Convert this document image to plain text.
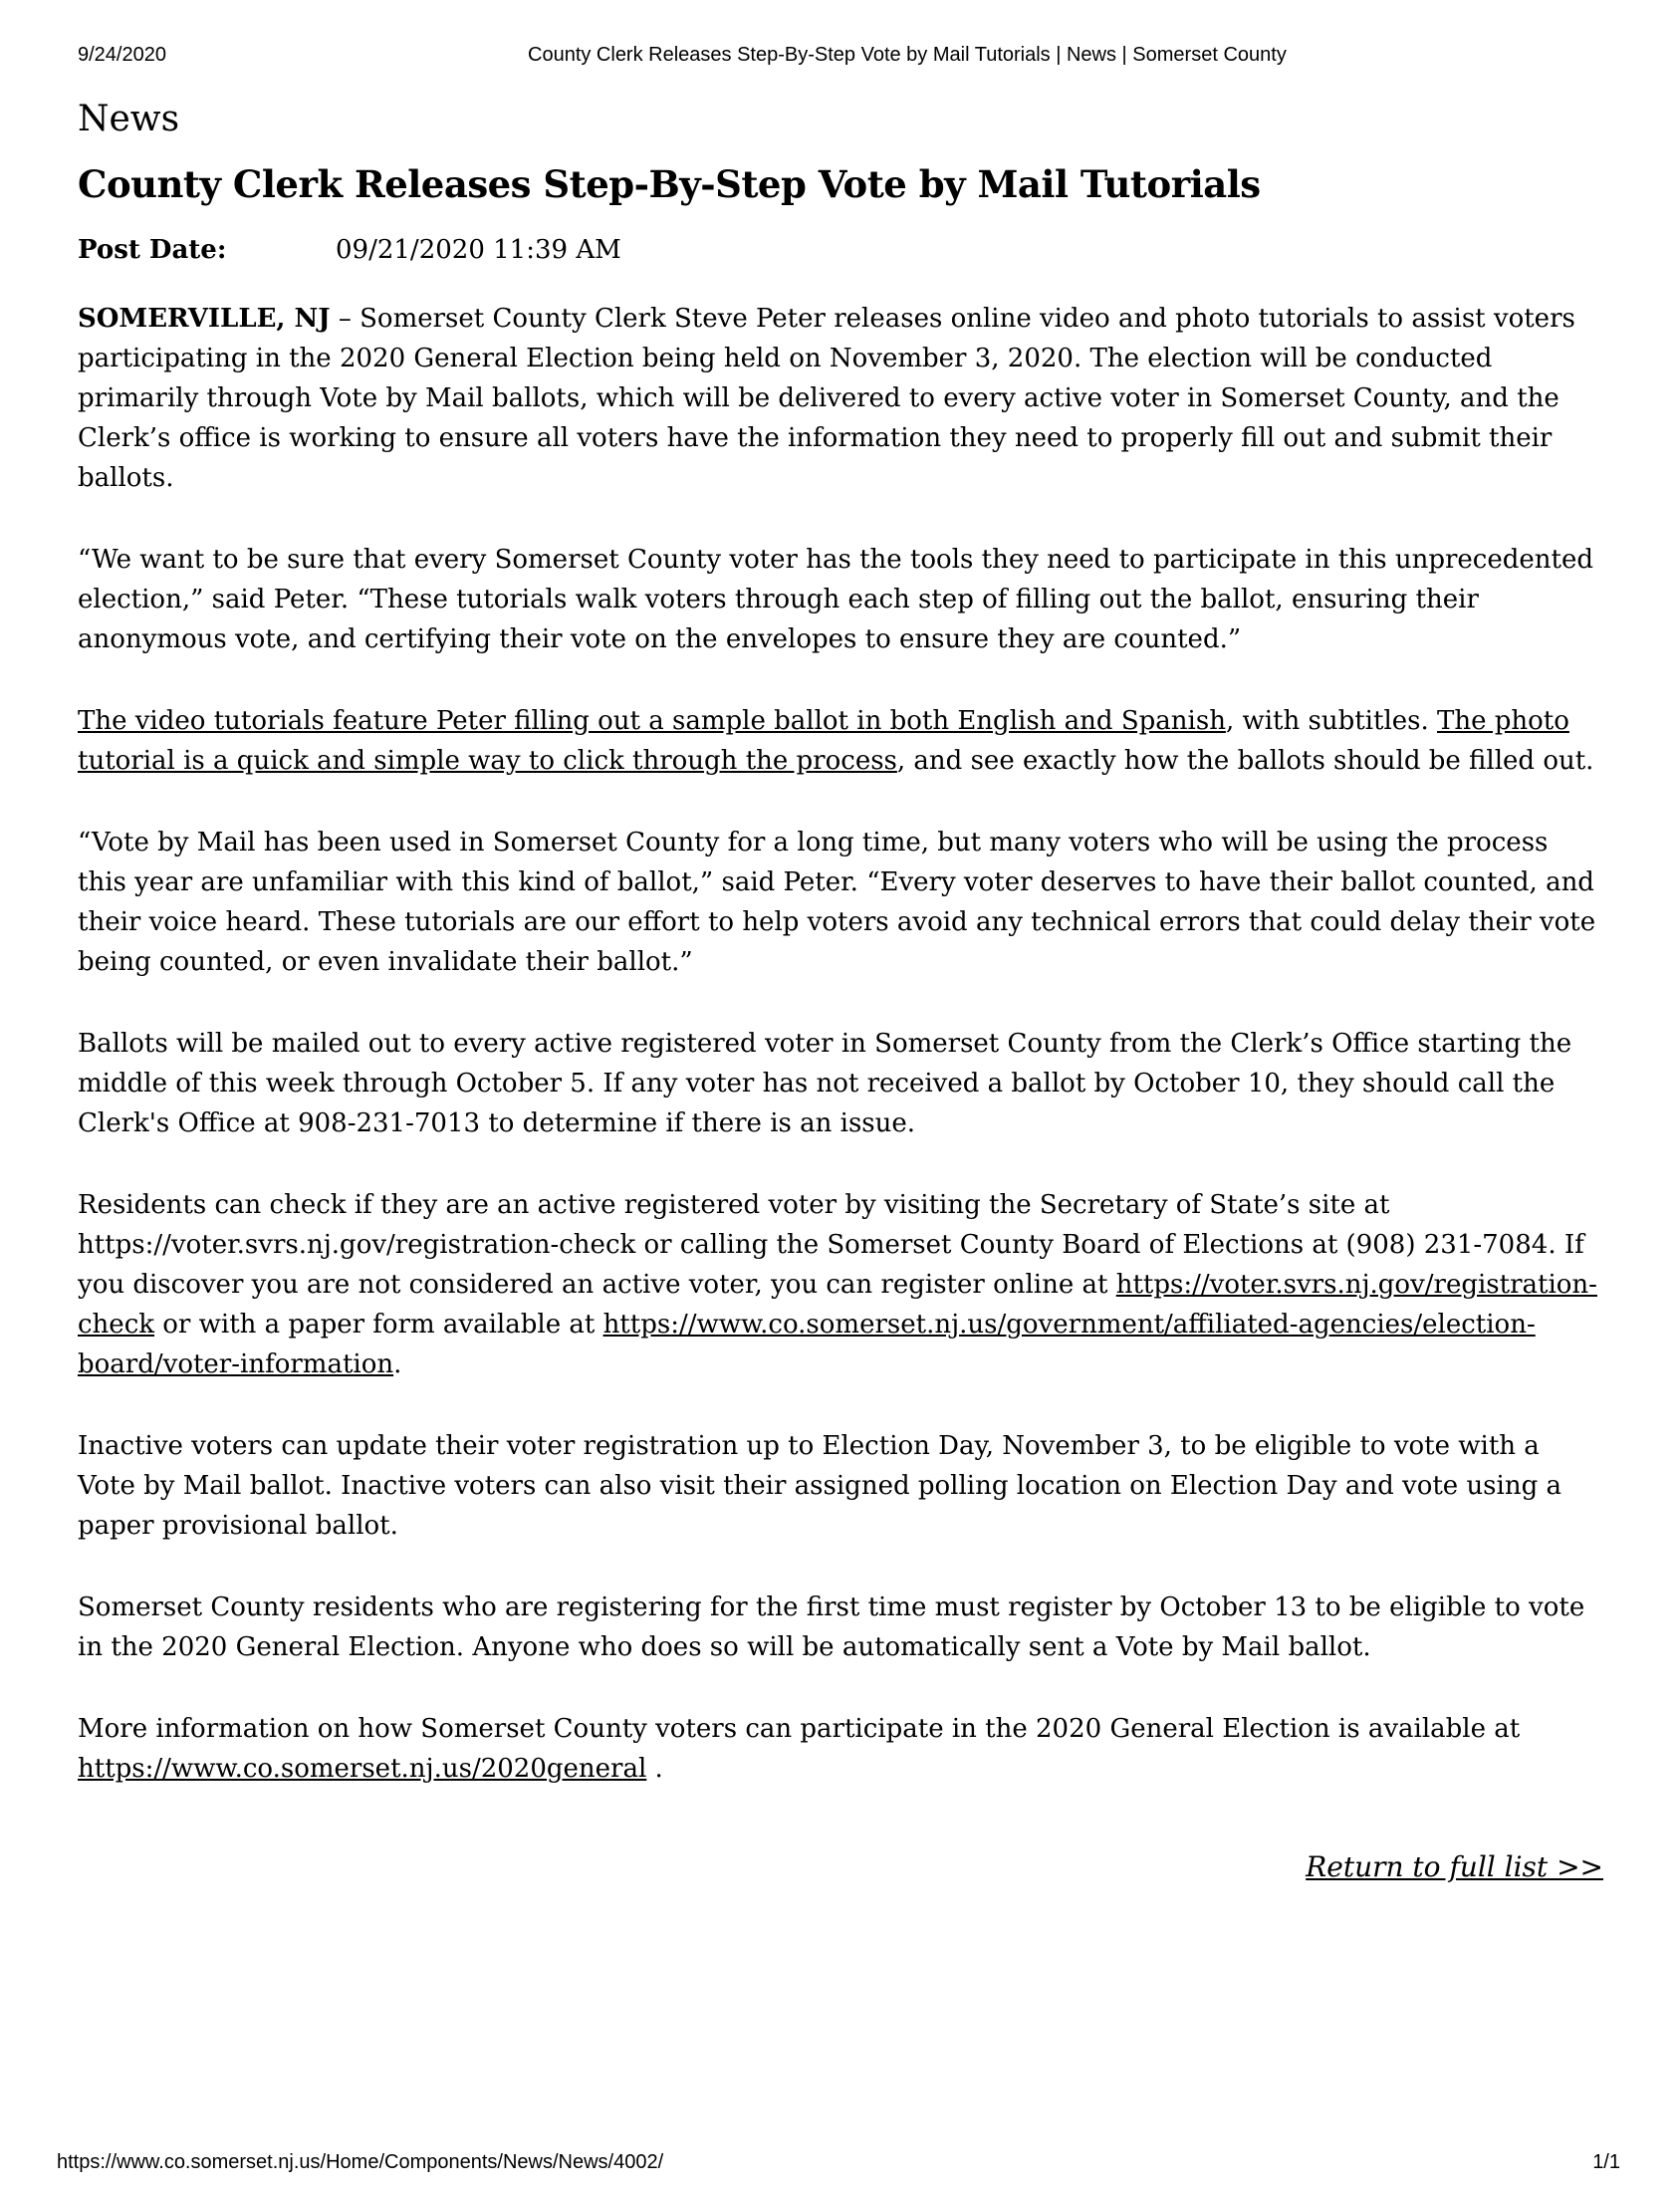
9/24/2020	County Clerk Releases Step-By-Step Vote by Mail Tutorials | News | Somerset County
News
County Clerk Releases Step-By-Step Vote by Mail Tutorials
Post Date:	09/21/2020 11:39 AM

SOMERVILLE, NJ – Somerset County Clerk Steve Peter releases online video and photo tutorials to assist voters participating in the 2020 General Election being held on November 3, 2020. The election will be conducted primarily through Vote by Mail ballots, which will be delivered to every active voter in Somerset County, and the Clerk’s office is working to ensure all voters have the information they need to properly fill out and submit their ballots.

“We want to be sure that every Somerset County voter has the tools they need to participate in this unprecedented election,” said Peter. “These tutorials walk voters through each step of filling out the ballot, ensuring their anonymous vote, and certifying their vote on the envelopes to ensure they are counted.”

The video tutorials feature Peter filling out a sample ballot in both English and Spanish, with subtitles. The photo tutorial is a quick and simple way to click through the process, and see exactly how the ballots should be filled out.

“Vote by Mail has been used in Somerset County for a long time, but many voters who will be using the process this year are unfamiliar with this kind of ballot,” said Peter. “Every voter deserves to have their ballot counted, and their voice heard. These tutorials are our effort to help voters avoid any technical errors that could delay their vote being counted, or even invalidate their ballot.”

Ballots will be mailed out to every active registered voter in Somerset County from the Clerk’s Office starting the middle of this week through October 5. If any voter has not received a ballot by October 10, they should call the Clerk's Office at 908-231-7013 to determine if there is an issue.

Residents can check if they are an active registered voter by visiting the Secretary of State’s site at https://voter.svrs.nj.gov/registration-check or calling the Somerset County Board of Elections at (908) 231-7084. If you discover you are not considered an active voter, you can register online at https://voter.svrs.nj.gov/registration-check or with a paper form available at https://www.co.somerset.nj.us/government/affiliated-agencies/election-board/voter-information.

Inactive voters can update their voter registration up to Election Day, November 3, to be eligible to vote with a Vote by Mail ballot. Inactive voters can also visit their assigned polling location on Election Day and vote using a paper provisional ballot.

Somerset County residents who are registering for the first time must register by October 13 to be eligible to vote in the 2020 General Election. Anyone who does so will be automatically sent a Vote by Mail ballot.

More information on how Somerset County voters can participate in the 2020 General Election is available at https://www.co.somerset.nj.us/2020general .

Return to full list >>
https://www.co.somerset.nj.us/Home/Components/News/News/4002/	1/1
